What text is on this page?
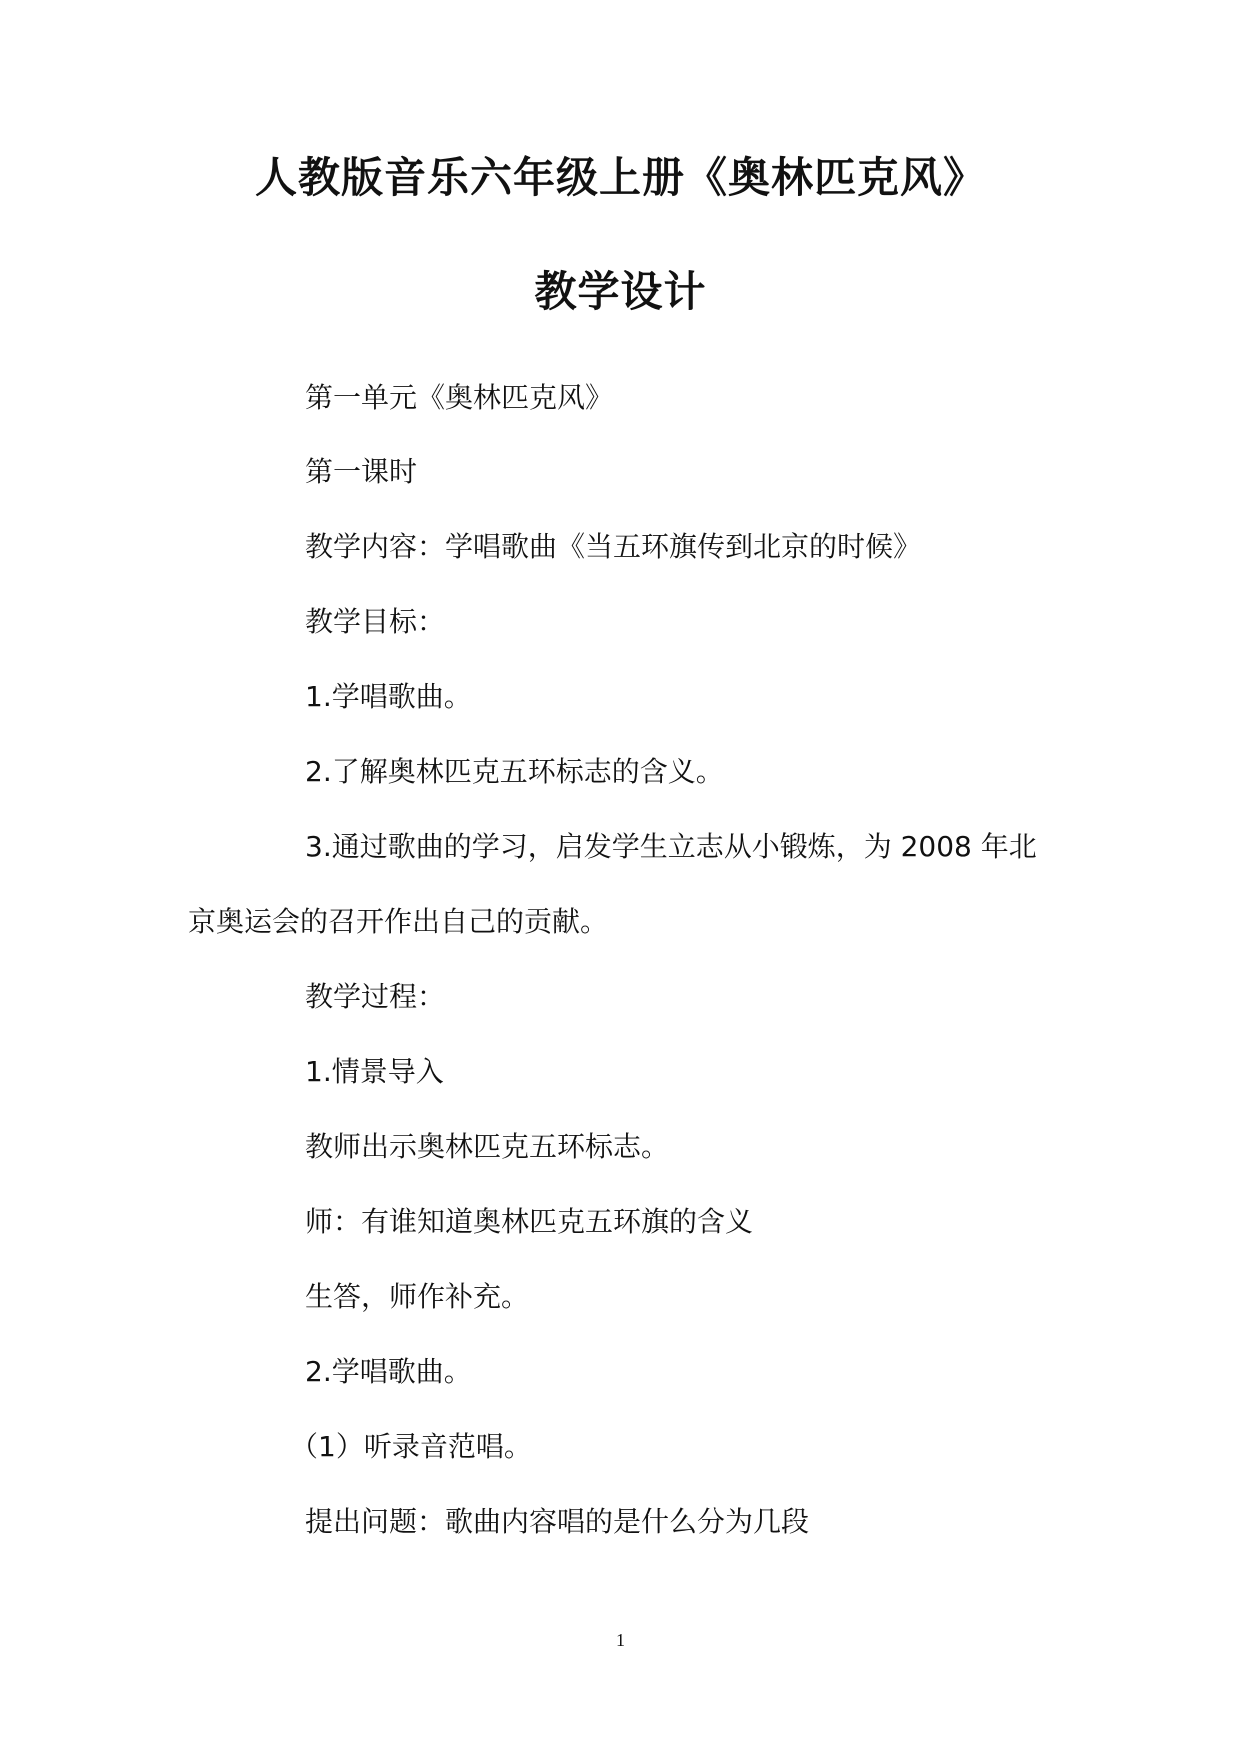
人教版音乐六年级上册《奥林匹克风》
教学设计
第一单元《奥林匹克风》
第一课时
教学内容：学唱歌曲《当五环旗传到北京的时候》
教学目标：
1.学唱歌曲。
2.了解奥林匹克五环标志的含义。
3.通过歌曲的学习，启发学生立志从小锻炼，为 2008 年北
京奥运会的召开作出自己的贡献。
教学过程：
1.情景导入
教师出示奥林匹克五环标志。
师：有谁知道奥林匹克五环旗的含义
生答，师作补充。
2.学唱歌曲。
（1）听录音范唱。
提出问题：歌曲内容唱的是什么分为几段
1
